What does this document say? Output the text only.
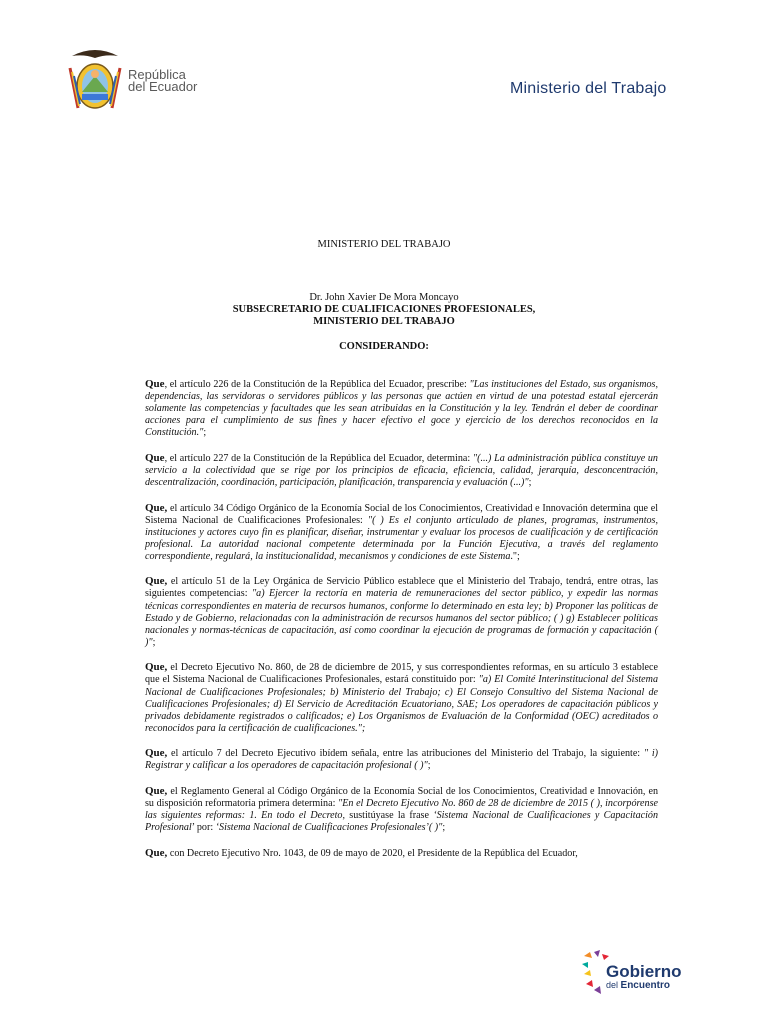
República
del Ecuador	Ministerio del Trabajo
MINISTERIO DEL TRABAJO
Dr. John Xavier De Mora Moncayo
SUBSECRETARIO DE CUALIFICACIONES PROFESIONALES,
MINISTERIO DEL TRABAJO
CONSIDERANDO:

Que, el artículo 226 de la Constitución de la República del Ecuador, prescribe: "Las instituciones del Estado, sus organismos, dependencias, las servidoras o servidores públicos y las personas que actúen en virtud de una potestad estatal ejercerán solamente las competencias y facultades que les sean atribuidas en la Constitución y la ley. Tendrán el deber de coordinar acciones para el cumplimiento de sus fines y hacer efectivo el goce y ejercicio de los derechos reconocidos en la Constitución.";

Que, el artículo 227 de la Constitución de la República del Ecuador, determina: "(...) La administración pública constituye un servicio a la colectividad que se rige por los principios de eficacia, eficiencia, calidad, jerarquía, desconcentración, descentralización, coordinación, participación, planificación, transparencia y evaluación (...)";

Que, el artículo 34 Código Orgánico de la Economía Social de los Conocimientos, Creatividad e Innovación determina que el Sistema Nacional de Cualificaciones Profesionales: "( ) Es el conjunto articulado de planes, programas, instrumentos, instituciones y actores cuyo fin es planificar, diseñar, instrumentar y evaluar los procesos de cualificación y de certificación profesional. La autoridad nacional competente determinada por la Función Ejecutiva, a través del reglamento correspondiente, regulará, la institucionalidad, mecanismos y condiciones de este Sistema.";

Que, el artículo 51 de la Ley Orgánica de Servicio Público establece que el Ministerio del Trabajo, tendrá, entre otras, las siguientes competencias: "a) Ejercer la rectoría en materia de remuneraciones del sector público, y expedir las normas técnicas correspondientes en materia de recursos humanos, conforme lo determinado en esta ley; b) Proponer las políticas de Estado y de Gobierno, relacionadas con la administración de recursos humanos del sector público; ( ) g) Establecer políticas nacionales y normas-técnicas de capacitación, así como coordinar la ejecución de programas de formación y capacitación ( )";

Que, el Decreto Ejecutivo No. 860, de 28 de diciembre de 2015, y sus correspondientes reformas, en su artículo 3 establece que el Sistema Nacional de Cualificaciones Profesionales, estará constituido por: "a) El Comité Interinstitucional del Sistema Nacional de Cualificaciones Profesionales; b) Ministerio del Trabajo; c) El Consejo Consultivo del Sistema Nacional de Cualificaciones Profesionales; d) El Servicio de Acreditación Ecuatoriano, SAE; Los operadores de capacitación públicos y privados debidamente registrados o calificados; e) Los Organismos de Evaluación de la Conformidad (OEC) acreditados o reconocidos para la certificación de cualificaciones.";

Que, el artículo 7 del Decreto Ejecutivo ibídem señala, entre las atribuciones del Ministerio del Trabajo, la siguiente: " i) Registrar y calificar a los operadores de capacitación profesional ( )";

Que, el Reglamento General al Código Orgánico de la Economía Social de los Conocimientos, Creatividad e Innovación, en su disposición reformatoria primera determina: "En el Decreto Ejecutivo No. 860 de 28 de diciembre de 2015 ( ), incorpórense las siguientes reformas: 1. En todo el Decreto, sustitúyase la frase ‘Sistema Nacional de Cualificaciones y Capacitación Profesional’ por: ‘Sistema Nacional de Cualificaciones Profesionales’( )";

Que, con Decreto Ejecutivo Nro. 1043, de 09 de mayo de 2020, el Presidente de la República del Ecuador,

Gobierno
del Encuentro
